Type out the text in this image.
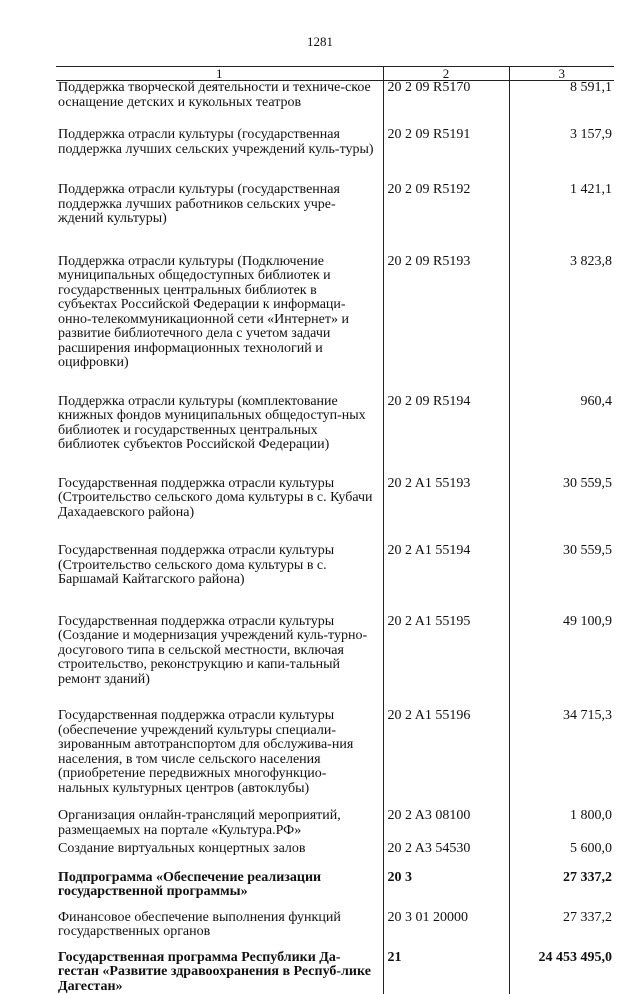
1281
1	2	3
Поддержка творческой деятельности и техниче-ское оснащение детских и кукольных театров	20 2 09 R5170	8 591,1
Поддержка отрасли культуры (государственная поддержка лучших сельских учреждений куль-туры)	20 2 09 R5191	3 157,9
Поддержка отрасли культуры (государственная поддержка лучших работников сельских учре-ждений культуры)	20 2 09 R5192	1 421,1
Поддержка отрасли культуры (Подключение муниципальных общедоступных библиотек и государственных центральных библиотек в субъектах Российской Федерации к информаци-онно-телекоммуникационной сети «Интернет» и развитие библиотечного дела с учетом задачи расширения информационных технологий и оцифровки)	20 2 09 R5193	3 823,8
Поддержка отрасли культуры (комплектование книжных фондов муниципальных общедоступ-ных библиотек и государственных центральных библиотек субъектов Российской Федерации)	20 2 09 R5194	960,4
Государственная поддержка отрасли культуры (Строительство сельского дома культуры в с. Кубачи Дахадаевского района)	20 2 A1 55193	30 559,5
Государственная поддержка отрасли культуры (Строительство сельского дома культуры в с. Баршамай Кайтагского района)	20 2 A1 55194	30 559,5
Государственная поддержка отрасли культуры (Создание и модернизация учреждений куль-турно-досугового типа в сельской местности, включая строительство, реконструкцию и капи-тальный ремонт зданий)	20 2 A1 55195	49 100,9
Государственная поддержка отрасли культуры (обеспечение учреждений культуры специали-зированным автотранспортом для обслужива-ния населения, в том числе сельского населения (приобретение передвижных многофункцио-нальных культурных центров (автоклубы)	20 2 A1 55196	34 715,3
Организация онлайн-трансляций мероприятий, размещаемых на портале «Культура.РФ»	20 2 A3 08100	1 800,0
Создание виртуальных концертных залов	20 2 A3 54530	5 600,0
Подпрограмма «Обеспечение реализации государственной программы»	20 3	27 337,2
Финансовое обеспечение выполнения функций государственных органов	20 3 01 20000	27 337,2
Государственная программа Республики Да-гестан «Развитие здравоохранения в Респуб-лике Дагестан»	21	24 453 495,0
